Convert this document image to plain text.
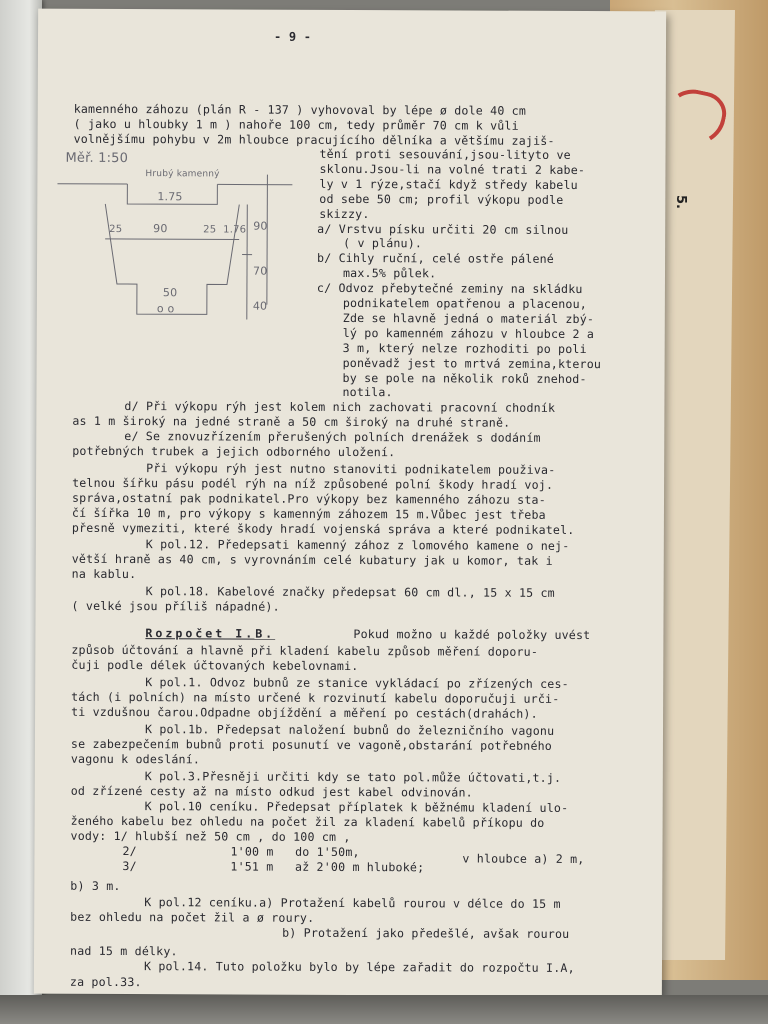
5.
- 9 -
Měř. 1:50
Hrubý kamenný
1.75
25	90	25 1.76 90
70
40
50
o o
kamenného záhozu (plán R - 137 ) vyhovoval by lépe ø dole 40 cm
( jako u hloubky 1 m ) nahoře 100 cm, tedy průměr 70 cm k vůli
volnějšímu pohybu v 2m hloubce pracujícího dělníka a většímu zajiš-
tění proti sesouvání,jsou-lityto ve
sklonu.Jsou-li na volné trati 2 kabe-
ly v 1 rýze,stačí když středy kabelu
od sebe 50 cm; profil výkopu podle
skizzy.
a/ Vrstvu písku určiti 20 cm silnou
( v plánu).
b/ Cihly ruční, celé ostře pálené
max.5% půlek.
c/ Odvoz přebytečné zeminy na skládku
podnikatelem opatřenou a placenou,
Zde se hlavně jedná o materiál zbý-
lý po kamenném záhozu v hloubce 2 a
3 m, který nelze rozhoditi po poli
poněvadž jest to mrtvá zemina,kterou
by se pole na několik roků znehod-
notila.
d/ Při výkopu rýh jest kolem nich zachovati pracovní chodník
as 1 m široký na jedné straně a 50 cm široký na druhé straně.
e/ Se znovuzřízením přerušených polních drenážek s dodáním
potřebných trubek a jejich odborného uložení.
Při výkopu rýh jest nutno stanoviti podnikatelem použiva-
telnou šířku pásu podél rýh na níž způsobené polní škody hradí voj.
správa,ostatní pak podnikatel.Pro výkopy bez kamenného záhozu sta-
čí šířka 10 m, pro výkopy s kamenným záhozem 15 m.Vůbec jest třeba
přesně vymeziti, které škody hradí vojenská správa a které podnikatel.
K pol.12. Předepsati kamenný zához z lomového kamene o nej-
větší hraně as 40 cm, s vyrovnáním celé kubatury jak u komor, tak i
na kablu.
K pol.18. Kabelové značky předepsat 60 cm dl., 15 x 15 cm
( velké jsou příliš nápadné).
Rozpočet I.B.	Pokud možno u každé položky uvést
způsob účtování a hlavně při kladení kabelu způsob měření doporu-
čuji podle délek účtovaných kebelovnami.
K pol.1. Odvoz bubnů ze stanice vykládací po zřízených ces-
tách (i polních) na místo určené k rozvinutí kabelu doporučuji urči-
ti vzdušnou čarou.Odpadne objíždění a měření po cestách(drahách).
K pol.1b. Předepsat naložení bubnů do železničního vagonu
se zabezpečením bubnů proti posunutí ve vagoně,obstarání potřebného
vagonu k odeslání.
K pol.3.Přesněji určiti kdy se tato pol.může účtovati,t.j.
od zřízené cesty až na místo odkud jest kabel odvinován.
K pol.10 ceníku. Předepsat příplatek k běžnému kladení ulo-
ženého kabelu bez ohledu na počet žil za kladení kabelů příkopu do
vody: 1/ hlubší než 50 cm , do 100 cm ,
2/	1'00 m   do 1'50m,
3/	1'51 m   až 2'00 m hluboké;
v hloubce a) 2 m,
b) 3 m.
K pol.12 ceníku.a) Protažení kabelů rourou v délce do 15 m
bez ohledu na počet žil a ø roury.
b) Protažení jako předešlé, avšak rourou
nad 15 m délky.
K pol.14. Tuto položku bylo by lépe zařadit do rozpočtu I.A,
za pol.33.
